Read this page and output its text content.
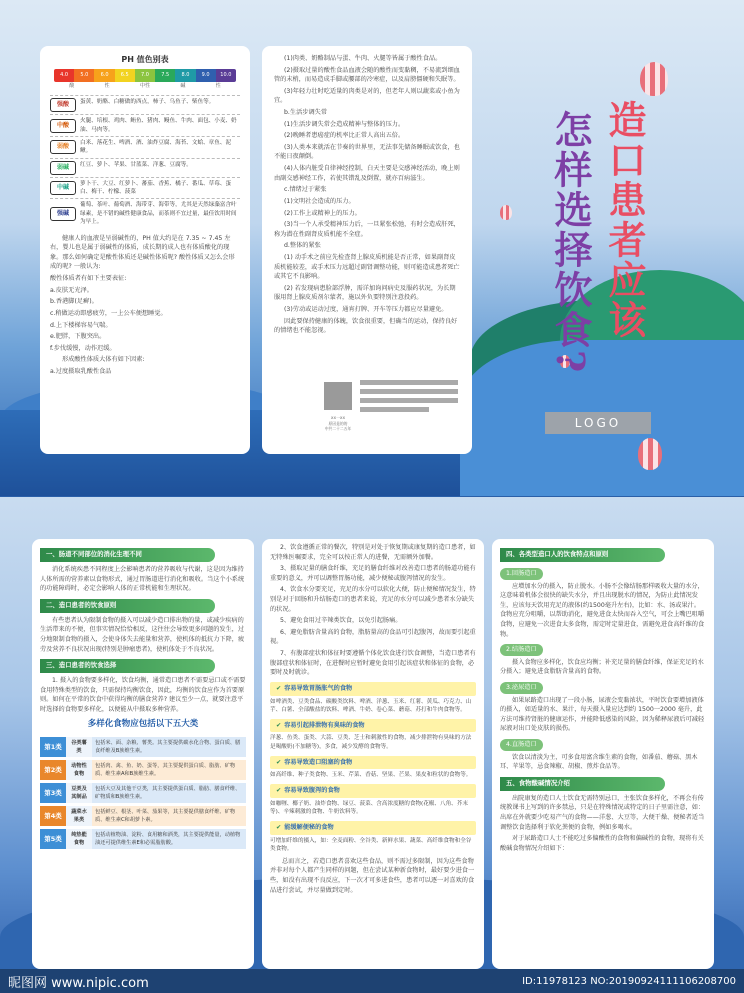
造口患者应该
怎样选择饮食?
LOGO
PH 值色别表
4.0	5.0	6.0	6.5	7.0	7.5	8.0	9.0	10.0
酸	性	中性	碱	性
强酸	蛋黄、奶酪、白糖做的西点，柿子、乌鱼子、柴鱼等。
中酸
火腿、培根、鸡肉、鲔鱼、猪肉、鳗鱼、牛肉、面包、小麦、奶油、马肉等。
弱酸
白米、落花生、啤酒、酒、油炸豆腐、海苔、文蛤、章鱼、泥鳅。
弱碱	红豆、萝卜、苹果、甘蓝菜、洋葱、豆腐等。
中碱
萝卜干、大豆、红萝卜、蕃茄、香蕉、橘子、番瓜、草莓、蛋白、梅干、柠檬、菠菜
强碱
葡萄、茶叶、葡萄酒、海带芽、海带等，尤其是天然绿藻富含叶绿素，是不错的碱性健康食品，而茶则不宜过量，最佳饮用时间为早上。
健康人的血液是呈弱碱性的，PH 值大约是在 7.35 ~ 7.45 左右，婴儿也是属于弱碱性的体质，成长期的成人也有体质酸化的现象。那么如何确定是酸性体质还是碱性体质呢? 酸性体质又怎么会形成的呢? 一般认为:
酸性体质者有如下主要表征:
a.皮肤无光泽。
b.香港脚(足癣)。
c.稍做运动即感疲劳，一上公车便想睡觉。
d.上下楼梯容易气喘。
e.肥胖，下腹突出。
f.步伐缓慢，动作迟缓。
形成酸性体质大体有如下因素:
a.过度摄取乳酸性食品
(1)肉类、奶酪制品与蛋、牛肉、火腿等皆属于酸性食品。
(2)摄取过量的酸性食品血液会随的酸性而变黏稠，不易流到细血管的末梢，而易造成手脚或腰部的冷寒症，以及肩膀僵硬和失眠等。
(3)年轻力壮时吃适量的肉类是对的，但老年人则以蔬菜或小鱼为宜。
b.生活步调失常
(1)生活步调失常会造成精神与整体的压力。
(2)晚睡者患癌症的机率比正常人高出五倍。
(3)人类本来就活在节奏的世界里，无法事先储备睡眠或饮食，也不能日夜颠倒。
(4)人体内脏受自律神经控制，白天主要是交感神经活动，晚上则由副交感神经工作，若使其错乱及倒置，就亦百病滋生。
c.情绪过于紧张
(1)文明社会造成的压力。
(2)工作上或精神上的压力。
(3)当一个人承受精神压力后，一旦紧张松弛，有时会造成肝死，称为潜在性副肾皮质机能不全症。
d.整体的紧张
(1) 动手术之前应先检查肾上腺皮质机能是否正常，如果副肾皮质机能较差，或手术压力远超过副肾调整功能，则可能造成患者死亡或其它不良影响。
(2) 若发现病患脸部浮肿，需详加询问病史及服药状况，为长期服用肾上腺皮质剂尔蒙者，施以外负要特别注意投药。
(3)劳动或运动过度，通宵打牌、开车等压力都应尽量避免。
因此要保持健康的体魄，饮食很重要，但确当的运动，保持良好的情绪也不能忽视。
XX一XX
原因是的的
中共二十二五年
一、肠道不同部位的消化生理不同
消化系统疾患不同程度上会影响患者的营养吸收与代谢，这是因为维持人体所需的营养素以食物形式，通过胃肠道进行消化和吸收。当这个小系统的功能障碍时，必定会影响人体的正常机能和生理状况。
二、造口患者的饮食原则
有些患者认为限制食物的摄入可以减少造口排出物的量，或减少疾病的生活带来的不便，但事实情况恰恰相反，这往往会导致更多问题的发生，过分地限制食物的摄入，会使身体失去能量和营养，使机体的抵抗力下降，疲劳及营养不良状况出现(特别是肿瘤患者)，使机体处于不良状况。
三、造口患者的饮食选择
1. 摄入的食物要多样化，饮食均衡，通常造口患者不需要忌口或不需要食用特殊类型的饮食，只需保持均衡饮食，因此，均衡的饮食应作为首要原则。如何在平常的饮食中获得均衡的膳食营养? 建议至少一点，就要注意平时选择的食物要多样化，以便能从中摄取多种营养。
多样化食物应包括以下五大类
第1类	谷类薯类	包括米、面、杂粮、薯类。其主要提供碳水化合物、蛋白质、膳食纤维及B族维生素。
第2类	动物性食物	包括肉、禽、鱼、奶、蛋等，其主要提供蛋白质、脂肪、矿物质、维生素A和B族维生素。
第3类	豆类及其制品	包括大豆及其他干豆类，其主要提供蛋白质、脂肪、膳食纤维、矿物质和B族维生素。
第4类	蔬菜水果类	包括鲜豆、根茎、叶菜、茄果等，其主要提供膳食纤维、矿物质、维生素C和胡萝卜素。
第5类	纯热能食物	包括动植物油、淀粉、食用糖和酒类，其主要提供能量，动植物油还可提供维生素E和必需脂肪酸。
2、饮食遵循正常的餐次，特别是对处于恢复期或康复期的造口患者，如无特殊医嘱要求，完全可以按正常人的进餐，无需额外加餐。
3、摄取足量的膳食纤维，充足的膳食纤维对改善造口患者的肠道功能有重要的意义，并可以调整胃肠功能，减少便秘或腹泻情况的发生。
4、饮食水分要充足，充足的水分可以软化大便，防止便秘情况发生，特别是对于回肠和升结肠造口的患者来说，充足的水分可以减少患者水分缺失的状况。
5、避免食用过辛辣类饮食，以免引起肠痛。
6、避免脂肪含量高的食物，脂肪量高的食品可引起腹泻，故而要引起重视。
7、有腹部症状和体征时要遵循个体化饮食进行饮食调整，当造口患者有腹部症状和体征时，在进餐时应暂时避免食用引起该症状和体征的食物，必要时及时就诊。
✔ 容易导致胃肠胀气的食物
如啤酒类、豆类食品、碳酸类饮料、啤酒、洋葱、玉米、红薯、黄瓜、巧克力、山芋、白薯、全部酸盐的饮料、啤酒、牛奶、卷心菜、蘑菇、苏打和牛肉食物等。
✔ 容易引起排泄物有臭味的食物
洋葱、鱼类、蛋类、大蒜、豆类、芝士和刺激性的食物，减少排泄物有臭味的方法是喝酸奶(不加糖等)，多食，减少发酵的食物等。
✔ 容易导致造口阻塞的食物
如高纤维、种子类食物、玉米、芹菜、香菇、坚果、芒果、果皮和粒状的食物等。
✔ 容易导致腹泻的食物
如咖喱、椰子奶、油炸食物、绿豆、菠菜、含高浓度糖的食物(花椒、八角、芥末等)、辛辣刺激的食物、牛奶饮料等。
✔ 能缓解便秘的食物
可增加纤维的摄入，如：全麦面粉、全谷类、新鲜水果、蔬菜、高纤维食物和全谷类食物。
总而言之，若造口患者喜欢这些食品，则不需过多限制，因为这些食物并非对每个人都产生同样的问题，但在尝试某种新食物时，最好要少进食一些，如没有出现不良反应，下一次才可多进食些，患者可以逐一对喜欢的食品进行尝试，并尽量做到定时。
四、各类型造口人的饮食特点和原则
1.回肠造口
应增加水分的摄入，防止脱水。小肠不会像结肠那样吸收大量的水分，这意味着机体会很快的缺失水分，并且出现脱水的情况，为防止此情况发生，应该每天饮用充足的液体(约1500毫升左右)，比如：水、汤或果汁。食物应充分咀嚼，以帮助消化，避免进食太快而吞入空气，可会上嘴巴咀嚼食物，应避免一次进食太多食物，需定时定量进食，需避免进食高纤维的食物。
2.结肠造口
摄入食物应多样化，饮食应均衡；补充足量的膳食纤维，保证充足的水分摄入；避免进食脂肪含量高的食物。
3.泌尿造口
如果尿路造口出现了一段小肠，尿液会变黏浓状，平时饮食要增加液体的摄入，如适量的水、果汁，每天摄入量应达到约 1500一2000 毫升，此方法可维持肾脏的健康运作，并能降低感染的风险，因为稀释尿液后可减轻尿液对出口处皮肤的损伤。
4.直肠造口
饮食以清淡为主，可多食用富含维生素的食物，如番茄、蘑菇、黑木耳、苹果等，忌食辣椒、胡椒、煎炸食品等。
五、食物酸碱情况介绍
出院康复的造口人士饮食无需特别忌口，主张饮食多样化，不再会有传统教课书上写到的许多禁忌，只是在特殊情况或特定的日子里需注意，如：出席在外就要少吃易产气的食物——洋葱、大豆等，大便干燥、便秘者适当调整饮食选择利于软化粪便的食物，例如多喝水。
对于尿路造口人士不能吃过多偏酸性的食物和偏碱性的食物，现将有关酸碱食物情况介绍如下：
昵图网 www.nipic.com	ID:11978123 NO:20190924111106208700
